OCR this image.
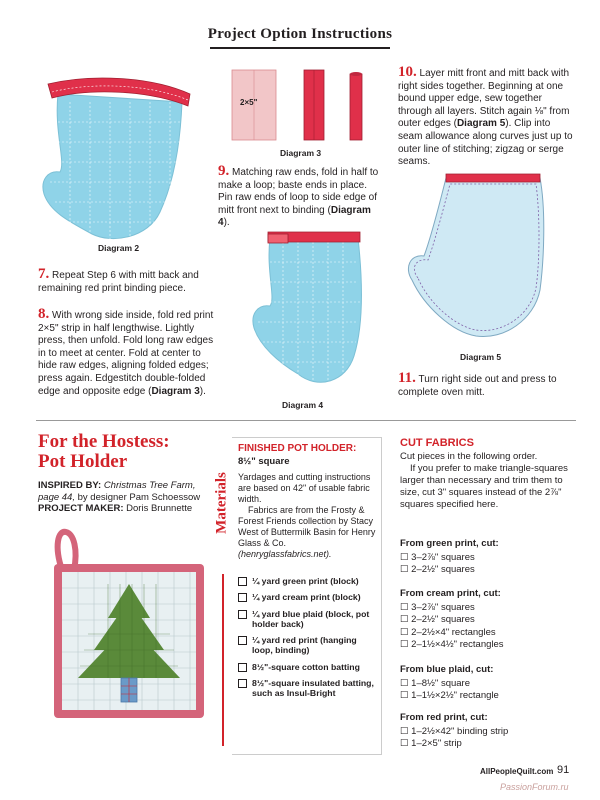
Project Option Instructions
Diagram 2
2×5"
Diagram 3
9. Matching raw ends, fold in half to make a loop; baste ends in place. Pin raw ends of loop to side edge of mitt front next to binding (Diagram 4).
Diagram 4
10. Layer mitt front and mitt back with right sides together. Beginning at one bound upper edge, sew together through all layers. Stitch again ⅛" from outer edges (Diagram 5). Clip into seam allowance along curves just up to outer line of stitching; zigzag or serge seams.
Diagram 5
7. Repeat Step 6 with mitt back and remaining red print binding piece.
8. With wrong side inside, fold red print 2×5" strip in half lengthwise. Lightly press, then unfold. Fold long raw edges in to meet at center. Fold at center to hide raw edges, aligning folded edges; press again. Edgestitch double-folded edge and opposite edge (Diagram 3).
11. Turn right side out and press to complete oven mitt.
For the Hostess:
Pot Holder
INSPIRED BY: Christmas Tree Farm, page 44, by designer Pam Schoessow
PROJECT MAKER: Doris Brunnette	Materials
FINISHED POT HOLDER:
8½" square
Yardages and cutting instructions are based on 42" of usable fabric width.
Fabrics are from the Frosty & Forest Friends collection by Stacy West of Buttermilk Basin for Henry Glass & Co.
(henryglassfabrics.net).
¼ yard green print (block)
¼ yard cream print (block)
¼ yard blue plaid (block, pot holder back)
¼ yard red print (hanging loop, binding)
8½"-square cotton batting
8½"-square insulated batting, such as Insul-Bright
CUT FABRICS
Cut pieces in the following order.
If you prefer to make triangle-squares larger than necessary and trim them to size, cut 3" squares instead of the 2⅞" squares specified here.
From green print, cut:
☐ 3–2⅞" squares
☐ 2–2½" squares
From cream print, cut:
☐ 3–2⅞" squares
☐ 2–2½" squares
☐ 2–2½×4" rectangles
☐ 2–1½×4½" rectangles
From blue plaid, cut:
☐ 1–8½" square
☐ 1–1½×2½" rectangle
From red print, cut:
☐ 1–2½×42" binding strip
☐ 1–2×5" strip
AllPeopleQuilt.com 91
PassionForum.ru
